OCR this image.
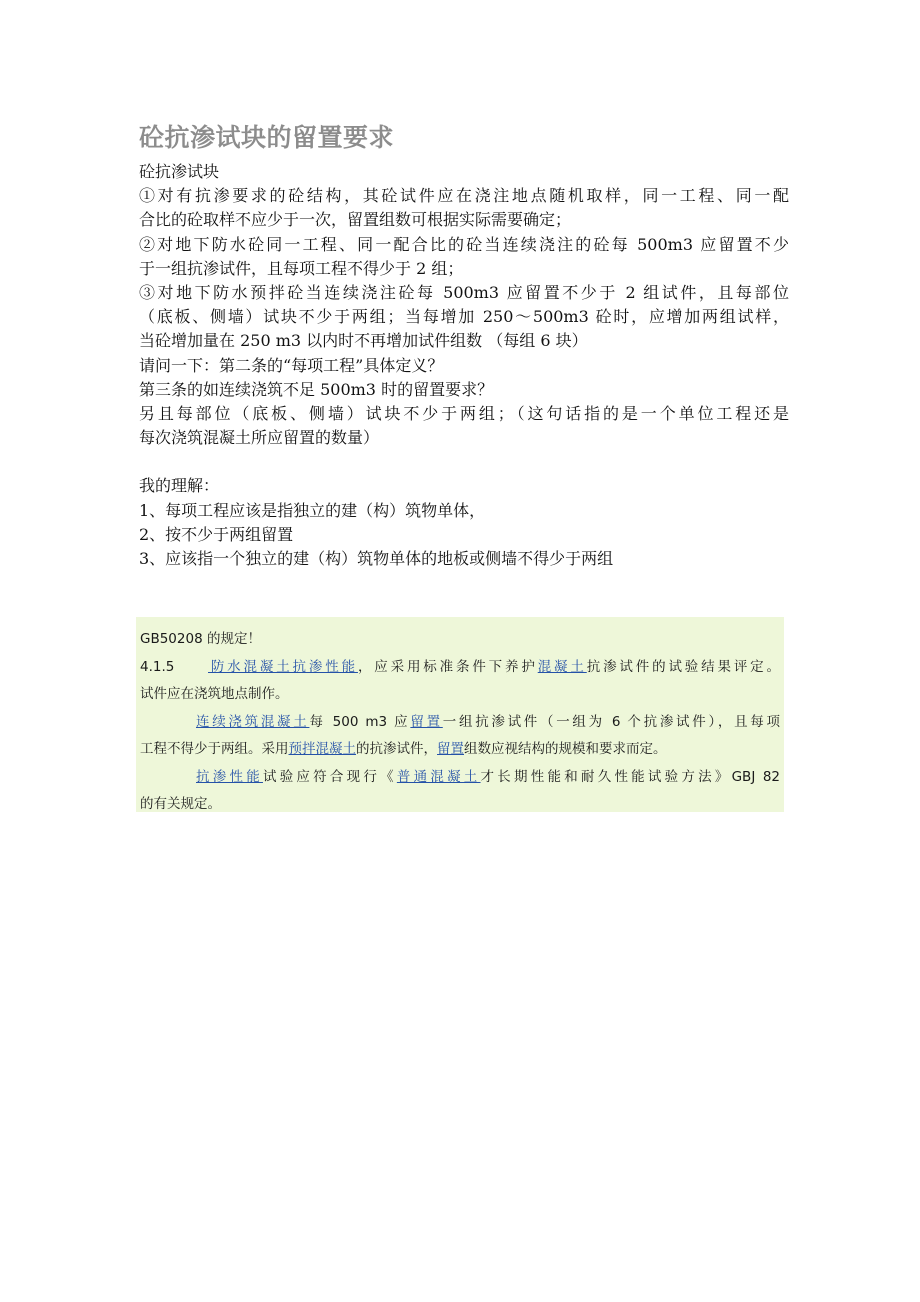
砼抗渗试块的留置要求
砼抗渗试块
①对有抗渗要求的砼结构，其砼试件应在浇注地点随机取样，同一工程、同一配
合比的砼取样不应少于一次，留置组数可根据实际需要确定；
②对地下防水砼同一工程、同一配合比的砼当连续浇注的砼每 500m3 应留置不少
于一组抗渗试件，且每项工程不得少于 2 组；
③对地下防水预拌砼当连续浇注砼每 500m3 应留置不少于 2 组试件，且每部位
（底板、侧墙）试块不少于两组；当每增加 250～500m3 砼时，应增加两组试样，
当砼增加量在 250 m3 以内时不再增加试件组数 （每组 6 块）
请问一下：第二条的“每项工程”具体定义？
第三条的如连续浇筑不足 500m3 时的留置要求？
另且每部位（底板、侧墙）试块不少于两组；（这句话指的是一个单位工程还是
每次浇筑混凝土所应留置的数量）
我的理解：
1、每项工程应该是指独立的建（构）筑物单体，
2、按不少于两组留置
3、应该指一个独立的建（构）筑物单体的地板或侧墙不得少于两组
GB50208 的规定！
4.1.5 防水混凝土抗渗性能，应采用标准条件下养护混凝土抗渗试件的试验结果评定。
试件应在浇筑地点制作。
连续浇筑混凝土每 500 m3 应留置一组抗渗试件（一组为 6 个抗渗试件），且每项
工程不得少于两组。采用预拌混凝土的抗渗试件，留置组数应视结构的规模和要求而定。
抗渗性能试验应符合现行《普通混凝土才长期性能和耐久性能试验方法》GBJ 82
的有关规定。
